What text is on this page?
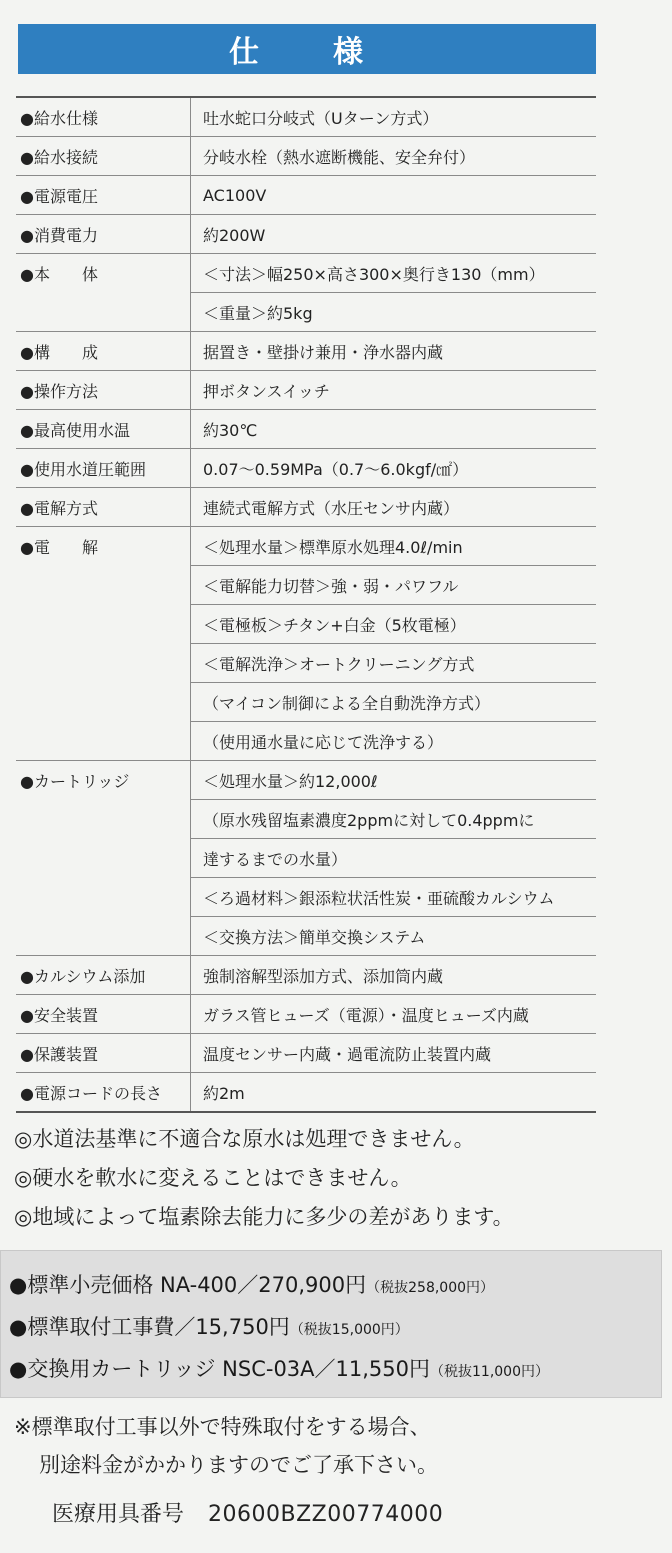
仕　様
●給水仕様	吐水蛇口分岐式（Uターン方式）
●給水接続	分岐水栓（熱水遮断機能、安全弁付）
●電源電圧	AC100V
●消費電力	約200W
●本　　体	＜寸法＞幅250×高さ300×奥行き130（mm）
	＜重量＞約5kg
●構　　成	据置き・壁掛け兼用・浄水器内蔵
●操作方法	押ボタンスイッチ
●最高使用水温	約30℃
●使用水道圧範囲	0.07〜0.59MPa（0.7〜6.0kgf/㎠）
●電解方式	連続式電解方式（水圧センサ内蔵）
●電　　解	＜処理水量＞標準原水処理4.0ℓ/min
	＜電解能力切替＞強・弱・パワフル
	＜電極板＞チタン+白金（5枚電極）
	＜電解洗浄＞オートクリーニング方式
	（マイコン制御による全自動洗浄方式）
	（使用通水量に応じて洗浄する）
●カートリッジ	＜処理水量＞約12,000ℓ
	（原水残留塩素濃度2ppmに対して0.4ppmに
	達するまでの水量）
	＜ろ過材料＞銀添粒状活性炭・亜硫酸カルシウム
	＜交換方法＞簡単交換システム
●カルシウム添加	強制溶解型添加方式、添加筒内蔵
●安全装置	ガラス管ヒューズ（電源）・温度ヒューズ内蔵
●保護装置	温度センサー内蔵・過電流防止装置内蔵
●電源コードの長さ	約2m

◎水道法基準に不適合な原水は処理できません。

◎硬水を軟水に変えることはできません。

◎地域によって塩素除去能力に多少の差があります。

●標準小売価格 NA-400／270,900円（税抜258,000円）
●標準取付工事費／15,750円（税抜15,000円）
●交換用カートリッジ NSC-03A／11,550円（税抜11,000円）

※標準取付工事以外で特殊取付をする場合、

別途料金がかかりますのでご了承下さい。

医療用具番号 20600BZZ00774000
